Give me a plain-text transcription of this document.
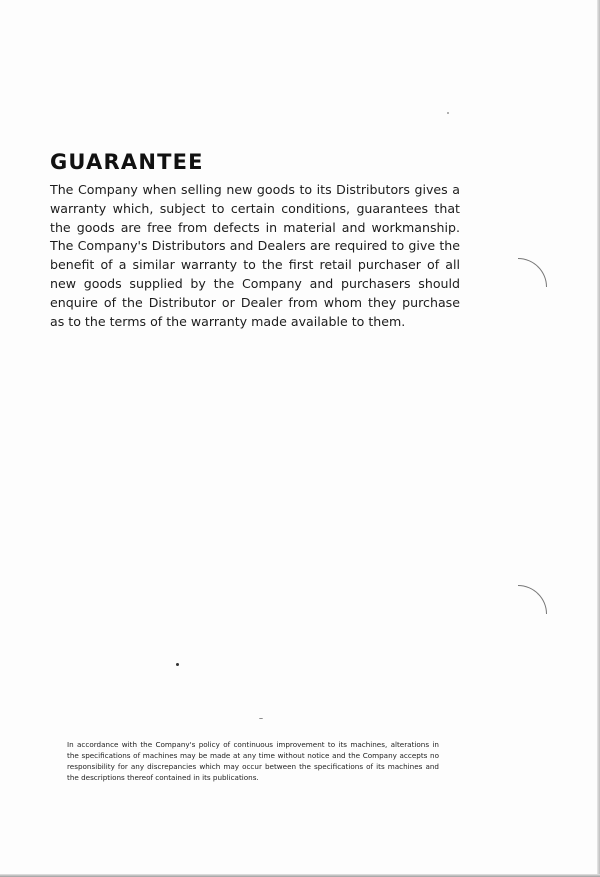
GUARANTEE

The Company when selling new goods to its Distributors gives a warranty which, subject to certain conditions, guarantees that the goods are free from defects in material and workmanship. The Company's Distributors and Dealers are required to give the benefit of a similar warranty to the first retail purchaser of all new goods supplied by the Company and purchasers should enquire of the Distributor or Dealer from whom they purchase as to the terms of the warranty made available to them.

In accordance with the Company's policy of continuous improvement to its machines, alterations in the specifications of machines may be made at any time without notice and the Company accepts no responsibility for any discrepancies which may occur between the specifications of its machines and the descriptions thereof contained in its publications.
